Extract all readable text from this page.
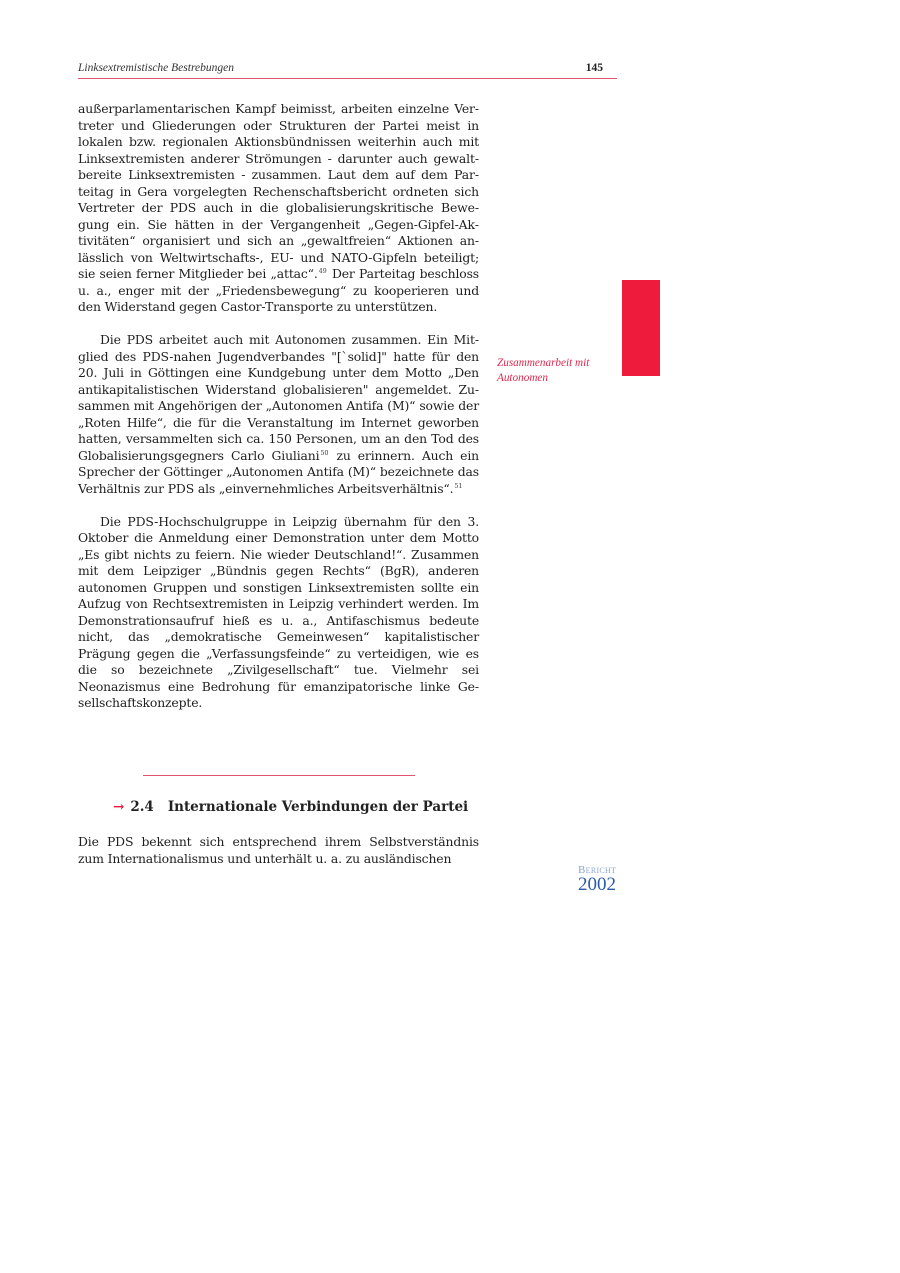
Linksextremistische Bestrebungen	145

außerparlamentarischen Kampf beimisst, arbeiten einzelne Vertreter und Gliederungen oder Strukturen der Partei meist in lokalen bzw. regionalen Aktionsbündnissen weiterhin auch mit Linksextremisten anderer Strömungen - darunter auch gewaltbereite Linksextremisten - zusammen. Laut dem auf dem Parteitag in Gera vorgelegten Rechenschaftsbericht ordneten sich Vertreter der PDS auch in die globalisierungskritische Bewegung ein. Sie hätten in der Vergangenheit „Gegen-Gipfel-Aktivitäten“ organisiert und sich an „gewaltfreien“ Aktionen anlässlich von Weltwirtschafts-, EU- und NATO-Gipfeln beteiligt; sie seien ferner Mitglieder bei „attac“.$^{49}$ Der Parteitag beschloss u. a., enger mit der „Friedensbewegung“ zu kooperieren und den Widerstand gegen Castor-Transporte zu unterstützen.

Die PDS arbeitet auch mit Autonomen zusammen. Ein Mitglied des PDS-nahen Jugendverbandes "[`solid]" hatte für den 20. Juli in Göttingen eine Kundgebung unter dem Motto „Den antikapitalistischen Widerstand globalisieren" angemeldet. Zusammen mit Angehörigen der „Autonomen Antifa (M)“ sowie der „Roten Hilfe“, die für die Veranstaltung im Internet geworben hatten, versammelten sich ca. 150 Personen, um an den Tod des Globalisierungsgegners Carlo Giuliani$^{50}$ zu erinnern. Auch ein Sprecher der Göttinger „Autonomen Antifa (M)“ bezeichnete das Verhältnis zur PDS als „einvernehmliches Arbeitsverhältnis“.$^{51}$

Die PDS-Hochschulgruppe in Leipzig übernahm für den 3. Oktober die Anmeldung einer Demonstration unter dem Motto „Es gibt nichts zu feiern. Nie wieder Deutschland!“. Zusammen mit dem Leipziger „Bündnis gegen Rechts“ (BgR), anderen autonomen Gruppen und sonstigen Linksextremisten sollte ein Aufzug von Rechtsextremisten in Leipzig verhindert werden. Im Demonstrationsaufruf hieß es u. a., Antifaschismus bedeute nicht, das „demokratische Gemeinwesen“ kapitalistischer Prägung gegen die „Verfassungsfeinde“ zu verteidigen, wie es die so bezeichnete „Zivilgesellschaft“ tue. Vielmehr sei Neonazismus eine Bedrohung für emanzipatorische linke Gesellschaftskonzepte.

→ 2.4 Internationale Verbindungen der Partei

Die PDS bekennt sich entsprechend ihrem Selbstverständnis zum Internationalismus und unterhält u. a. zu ausländischen

Zusammenarbeit mit Autonomen
Bericht
2002
